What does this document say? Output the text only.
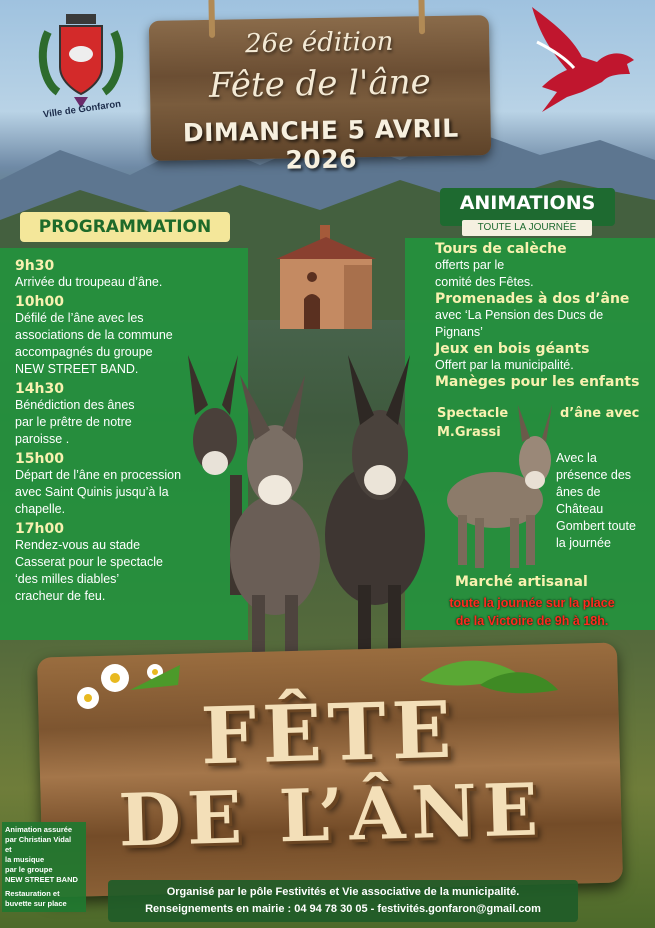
Ville de Gonfaron
26e édition
Fête de l'âne
DIMANCHE 5 AVRIL 2026
PROGRAMMATION
9h30
Arrivée du troupeau d’âne.
10h00
Défilé de l’âne avec les
associations de la commune
accompagnés du groupe
NEW STREET BAND.
14h30
Bénédiction des ânes
par le prêtre de notre
paroisse .
15h00
Départ de l’âne en procession
avec Saint Quinis jusqu’à la
chapelle.
17h00
Rendez-vous au stade
Casserat pour le spectacle
‘des milles diables’
cracheur de feu.
ANIMATIONS
TOUTE LA JOURNÉE
Tours de calèche
offerts par le
comité des Fêtes.
Promenades à dos d’âne
avec ‘La Pension des Ducs de
Pignans’
Jeux en bois géants
Offert par la municipalité.
Manèges pour les enfants
Spectacle	d’âne avec
M.Grassi
Avec la
présence des
ânes de
Château
Gombert toute
la journée
Marché artisanal
toute la journée sur la place
de la Victoire de 9h à 18h.
FÊTE
DE L’ÂNE
Animation assurée
par Christian Vidal
et
la musique
par le groupe
NEW STREET BAND
Restauration et
buvette sur place
Organisé par le pôle Festivités et Vie associative de la municipalité.
Renseignements en mairie : 04 94 78 30 05 - festivités.gonfaron@gmail.com
